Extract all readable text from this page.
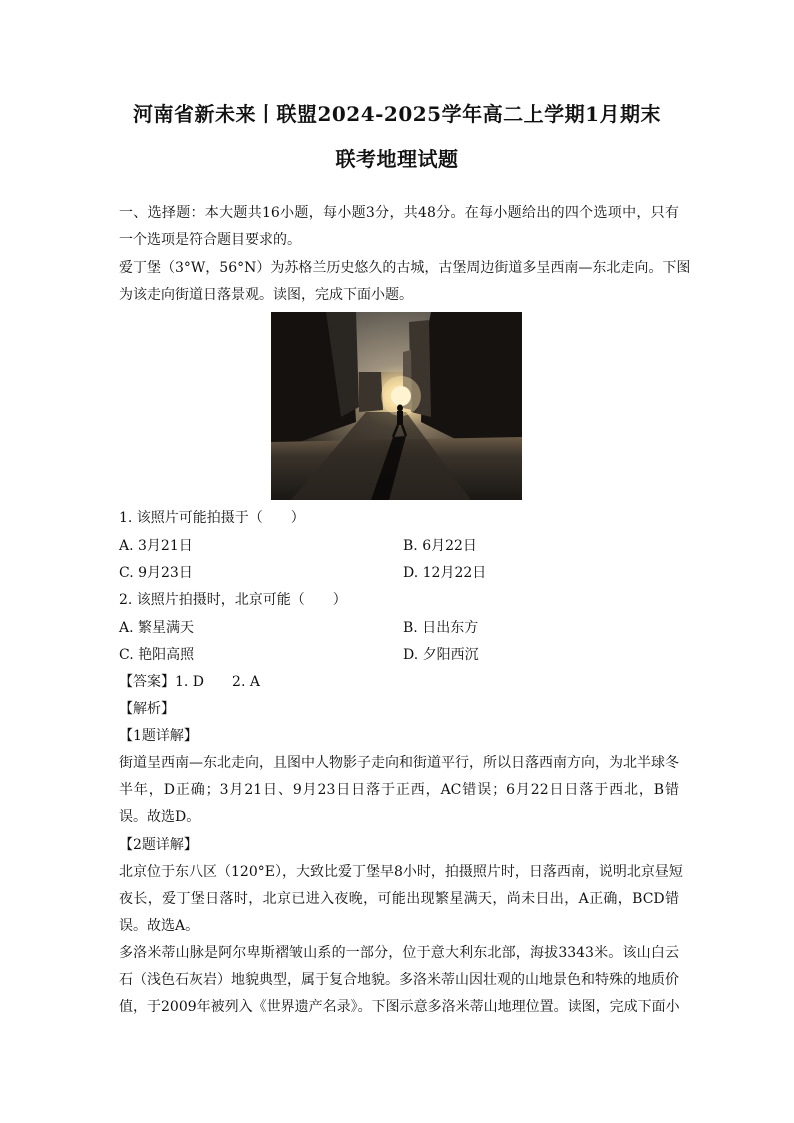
河南省新未来丨联盟2024-2025学年高二上学期1月期末
联考地理试题
一、选择题：本大题共16小题，每小题3分，共48分。在每小题给出的四个选项中，只有
一个选项是符合题目要求的。
爱丁堡（3°W，56°N）为苏格兰历史悠久的古城，古堡周边街道多呈西南—东北走向。下图
为该走向街道日落景观。读图，完成下面小题。
1. 该照片可能拍摄于（　　）
A. 3月21日	B. 6月22日
C. 9月23日	D. 12月22日
2. 该照片拍摄时，北京可能（　　）
A. 繁星满天	B. 日出东方
C. 艳阳高照	D. 夕阳西沉
【答案】1. D　　2. A
【解析】
【1题详解】
街道呈西南—东北走向，且图中人物影子走向和街道平行，所以日落西南方向，为北半球冬
半年，D正确；3月21日、9月23日日落于正西，AC错误；6月22日日落于西北，B错
误。故选D。
【2题详解】
北京位于东八区（120°E），大致比爱丁堡早8小时，拍摄照片时，日落西南，说明北京昼短
夜长，爱丁堡日落时，北京已进入夜晚，可能出现繁星满天，尚未日出，A正确，BCD错
误。故选A。
多洛米蒂山脉是阿尔卑斯褶皱山系的一部分，位于意大利东北部，海拔3343米。该山白云
石（浅色石灰岩）地貌典型，属于复合地貌。多洛米蒂山因壮观的山地景色和特殊的地质价
值，于2009年被列入《世界遗产名录》。下图示意多洛米蒂山地理位置。读图，完成下面小
